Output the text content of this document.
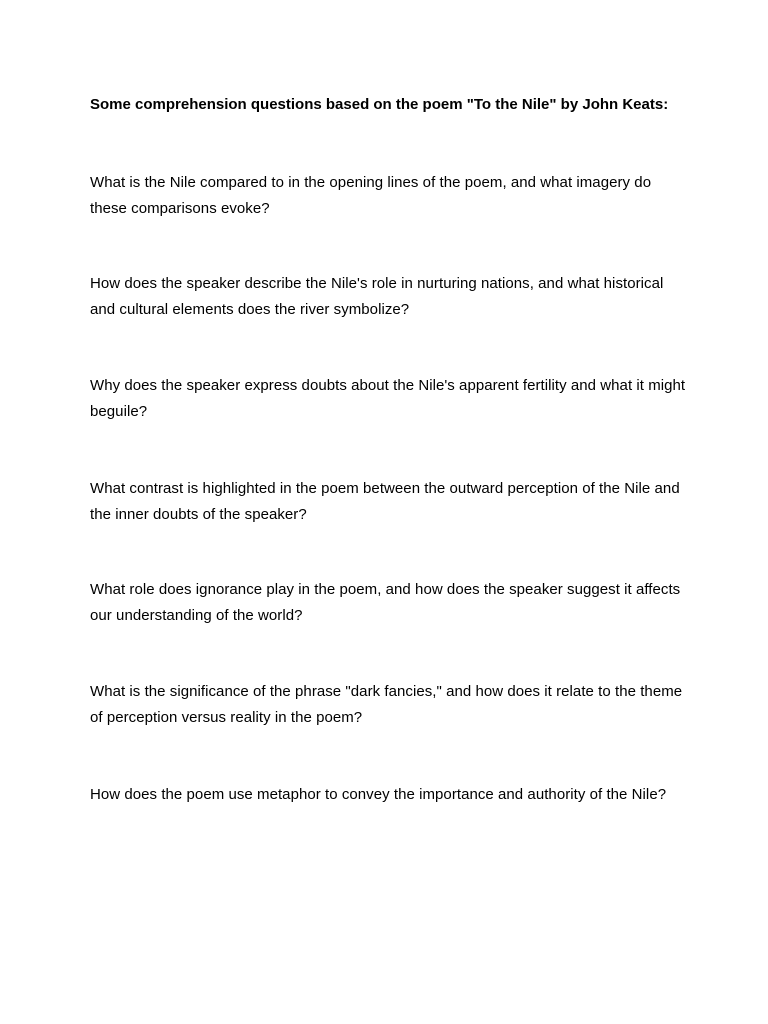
Some comprehension questions based on the poem "To the Nile" by John Keats:

What is the Nile compared to in the opening lines of the poem, and what imagery do these comparisons evoke?

How does the speaker describe the Nile's role in nurturing nations, and what historical and cultural elements does the river symbolize?

Why does the speaker express doubts about the Nile's apparent fertility and what it might beguile?

What contrast is highlighted in the poem between the outward perception of the Nile and the inner doubts of the speaker?

What role does ignorance play in the poem, and how does the speaker suggest it affects our understanding of the world?

What is the significance of the phrase "dark fancies," and how does it relate to the theme of perception versus reality in the poem?

How does the poem use metaphor to convey the importance and authority of the Nile?
